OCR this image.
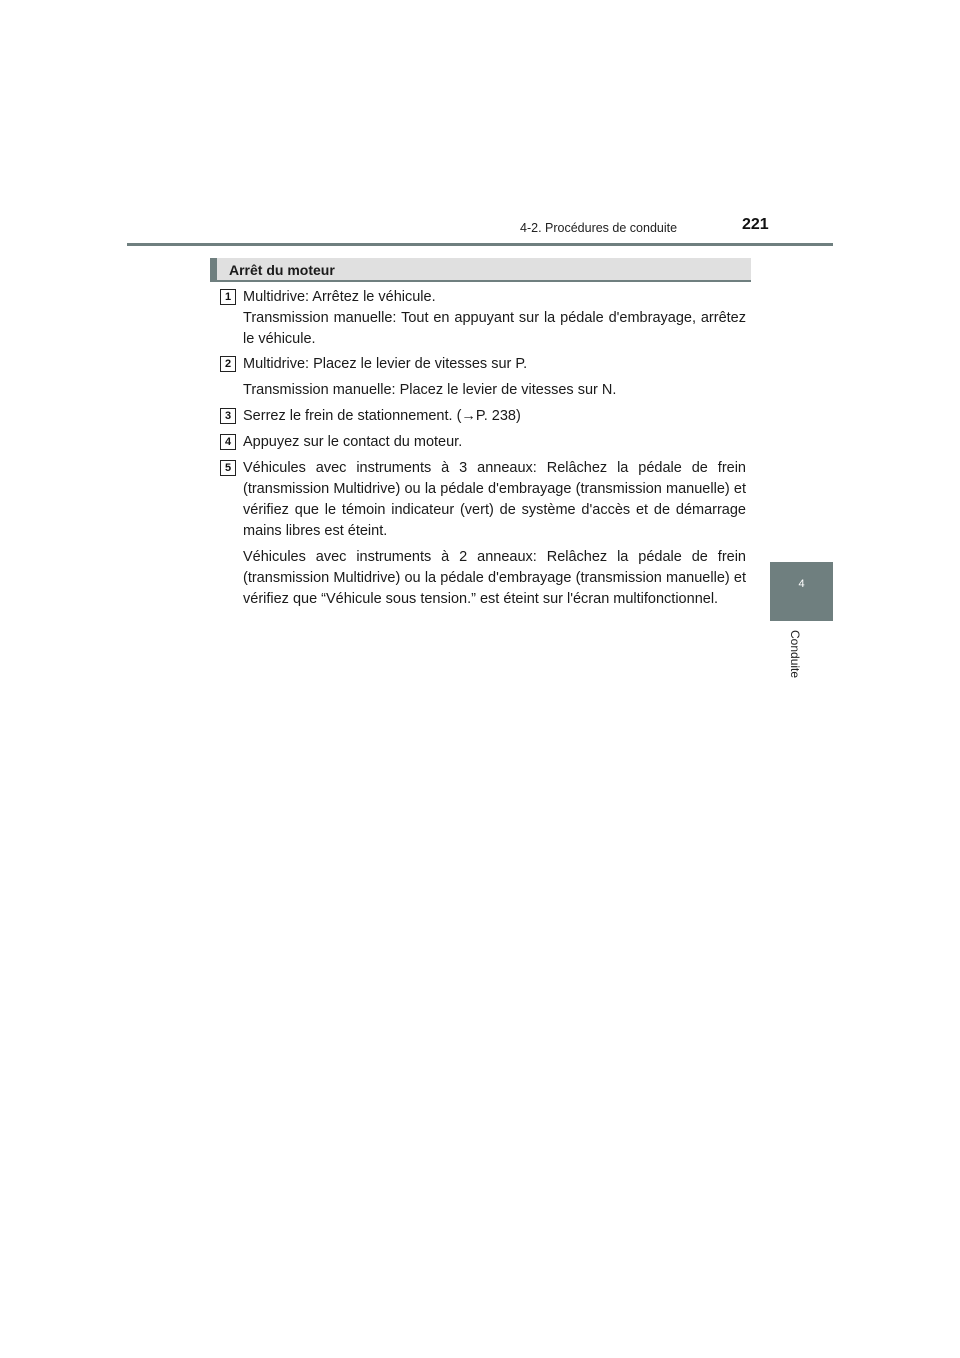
4-2. Procédures de conduite	221
4
Conduite
Arrêt du moteur
1 Multidrive: Arrêtez le véhicule.

Transmission manuelle: Tout en appuyant sur la pédale d'embrayage, arrêtez le véhicule.

2 Multidrive: Placez le levier de vitesses sur P.

Transmission manuelle: Placez le levier de vitesses sur N.

3 Serrez le frein de stationnement. (→P. 238)

4 Appuyez sur le contact du moteur.

5 Véhicules avec instruments à 3 anneaux: Relâchez la pédale de frein (transmission Multidrive) ou la pédale d'embrayage (transmission manuelle) et vérifiez que le témoin indicateur (vert) de système d'accès et de démarrage mains libres est éteint.

Véhicules avec instruments à 2 anneaux: Relâchez la pédale de frein (transmission Multidrive) ou la pédale d'embrayage (transmission manuelle) et vérifiez que “Véhicule sous tension.” est éteint sur l'écran multifonctionnel.
